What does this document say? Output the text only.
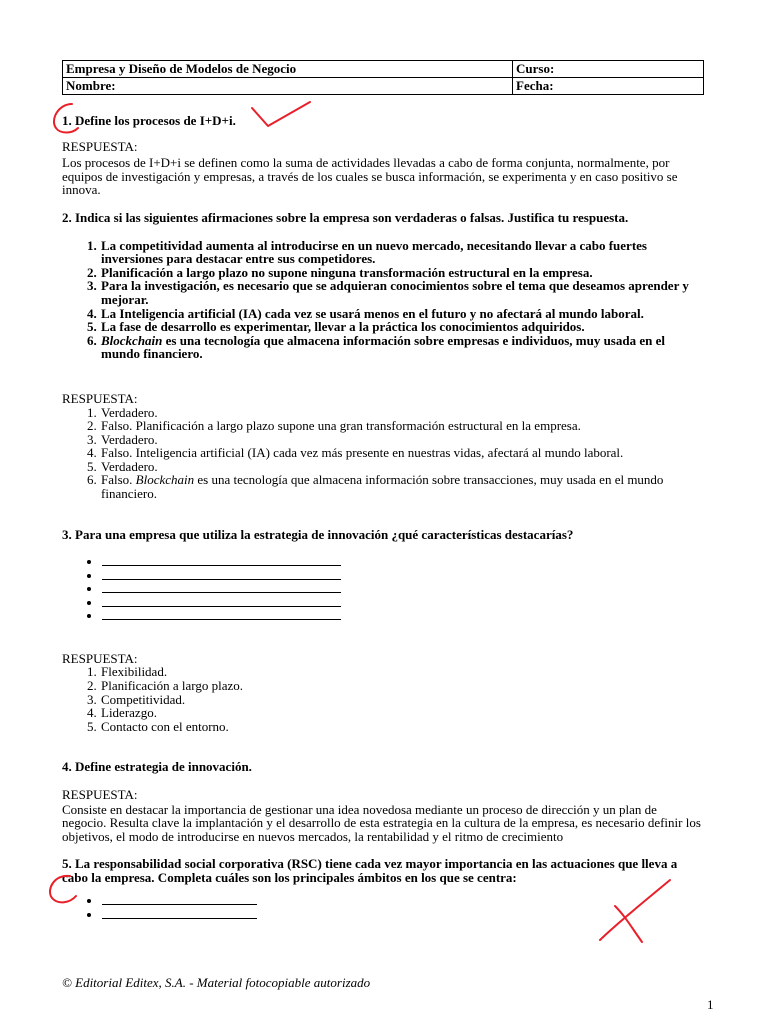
Empresa y Diseño de Modelos de Negocio	Curso:
Nombre:	Fecha:

1. Define los procesos de I+D+i.

RESPUESTA:

Los procesos de I+D+i se definen como la suma de actividades llevadas a cabo de forma conjunta, normalmente, por equipos de investigación y empresas, a través de los cuales se busca información, se experimenta y en caso positivo se innova.

2. Indica si las siguientes afirmaciones sobre la empresa son verdaderas o falsas. Justifica tu respuesta.

1. La competitividad aumenta al introducirse en un nuevo mercado, necesitando llevar a cabo fuertes inversiones para destacar entre sus competidores.
2. Planificación a largo plazo no supone ninguna transformación estructural en la empresa.
3. Para la investigación, es necesario que se adquieran conocimientos sobre el tema que deseamos aprender y mejorar.
4. La Inteligencia artificial (IA) cada vez se usará menos en el futuro y no afectará al mundo laboral.
5. La fase de desarrollo es experimentar, llevar a la práctica los conocimientos adquiridos.
6. Blockchain es una tecnología que almacena información sobre empresas e individuos, muy usada en el mundo financiero.

RESPUESTA:

1. Verdadero.
2. Falso. Planificación a largo plazo supone una gran transformación estructural en la empresa.
3. Verdadero.
4. Falso. Inteligencia artificial (IA) cada vez más presente en nuestras vidas, afectará al mundo laboral.
5. Verdadero.
6. Falso. Blockchain es una tecnología que almacena información sobre transacciones, muy usada en el mundo financiero.

3. Para una empresa que utiliza la estrategia de innovación ¿qué características destacarías?

•
•
•
•
•

RESPUESTA:

1. Flexibilidad.
2. Planificación a largo plazo.
3. Competitividad.
4. Liderazgo.
5. Contacto con el entorno.

4. Define estrategia de innovación.

RESPUESTA:

Consiste en destacar la importancia de gestionar una idea novedosa mediante un proceso de dirección y un plan de negocio. Resulta clave la implantación y el desarrollo de esta estrategia en la cultura de la empresa, es necesario definir los objetivos, el modo de introducirse en nuevos mercados, la rentabilidad y el ritmo de crecimiento

5. La responsabilidad social corporativa (RSC) tiene cada vez mayor importancia en las actuaciones que lleva a cabo la empresa. Completa cuáles son los principales ámbitos en los que se centra:

•
•
© Editorial Editex, S.A. - Material fotocopiable autorizado
1
